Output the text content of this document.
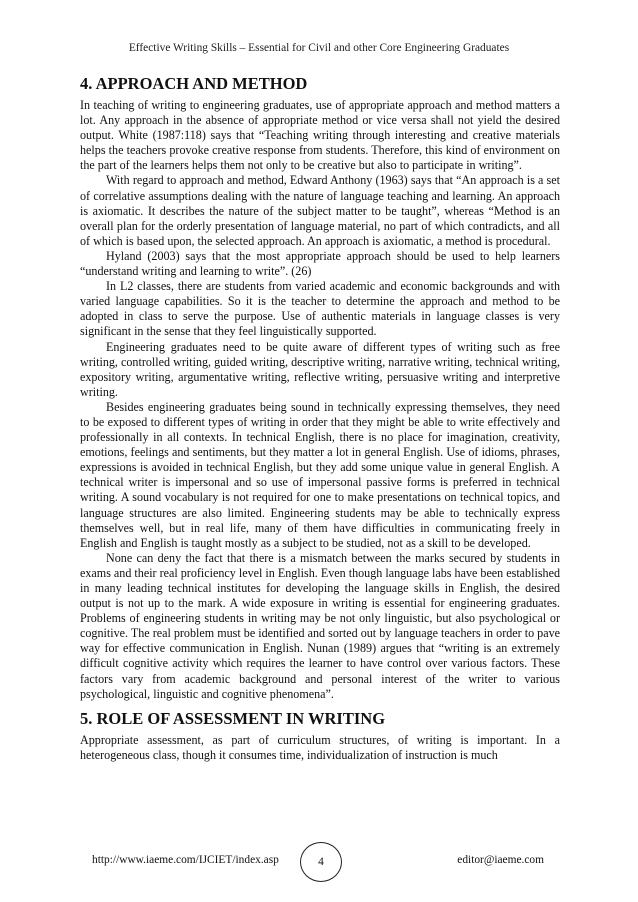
Effective Writing Skills – Essential for Civil and other Core Engineering Graduates
4. APPROACH AND METHOD

In teaching of writing to engineering graduates, use of appropriate approach and method matters a lot. Any approach in the absence of appropriate method or vice versa shall not yield the desired output. White (1987:118) says that “Teaching writing through interesting and creative materials helps the teachers provoke creative response from students. Therefore, this kind of environment on the part of the learners helps them not only to be creative but also to participate in writing”.

With regard to approach and method, Edward Anthony (1963) says that “An approach is a set of correlative assumptions dealing with the nature of language teaching and learning. An approach is axiomatic. It describes the nature of the subject matter to be taught”, whereas “Method is an overall plan for the orderly presentation of language material, no part of which contradicts, and all of which is based upon, the selected approach. An approach is axiomatic, a method is procedural.

Hyland (2003) says that the most appropriate approach should be used to help learners “understand writing and learning to write”. (26)

In L2 classes, there are students from varied academic and economic backgrounds and with varied language capabilities. So it is the teacher to determine the approach and method to be adopted in class to serve the purpose. Use of authentic materials in language classes is very significant in the sense that they feel linguistically supported.

Engineering graduates need to be quite aware of different types of writing such as free writing, controlled writing, guided writing, descriptive writing, narrative writing, technical writing, expository writing, argumentative writing, reflective writing, persuasive writing and interpretive writing.

Besides engineering graduates being sound in technically expressing themselves, they need to be exposed to different types of writing in order that they might be able to write effectively and professionally in all contexts. In technical English, there is no place for imagination, creativity, emotions, feelings and sentiments, but they matter a lot in general English. Use of idioms, phrases, expressions is avoided in technical English, but they add some unique value in general English. A technical writer is impersonal and so use of impersonal passive forms is preferred in technical writing. A sound vocabulary is not required for one to make presentations on technical topics, and language structures are also limited. Engineering students may be able to technically express themselves well, but in real life, many of them have difficulties in communicating freely in English and English is taught mostly as a subject to be studied, not as a skill to be developed.

None can deny the fact that there is a mismatch between the marks secured by students in exams and their real proficiency level in English. Even though language labs have been established in many leading technical institutes for developing the language skills in English, the desired output is not up to the mark. A wide exposure in writing is essential for engineering graduates. Problems of engineering students in writing may be not only linguistic, but also psychological or cognitive. The real problem must be identified and sorted out by language teachers in order to pave way for effective communication in English. Nunan (1989) argues that “writing is an extremely difficult cognitive activity which requires the learner to have control over various factors. These factors vary from academic background and personal interest of the writer to various psychological, linguistic and cognitive phenomena”.

5. ROLE OF ASSESSMENT IN WRITING

Appropriate assessment, as part of curriculum structures, of writing is important. In a heterogeneous class, though it consumes time, individualization of instruction is much

http://www.iaeme.com/IJCIET/index.asp	4	editor@iaeme.com
